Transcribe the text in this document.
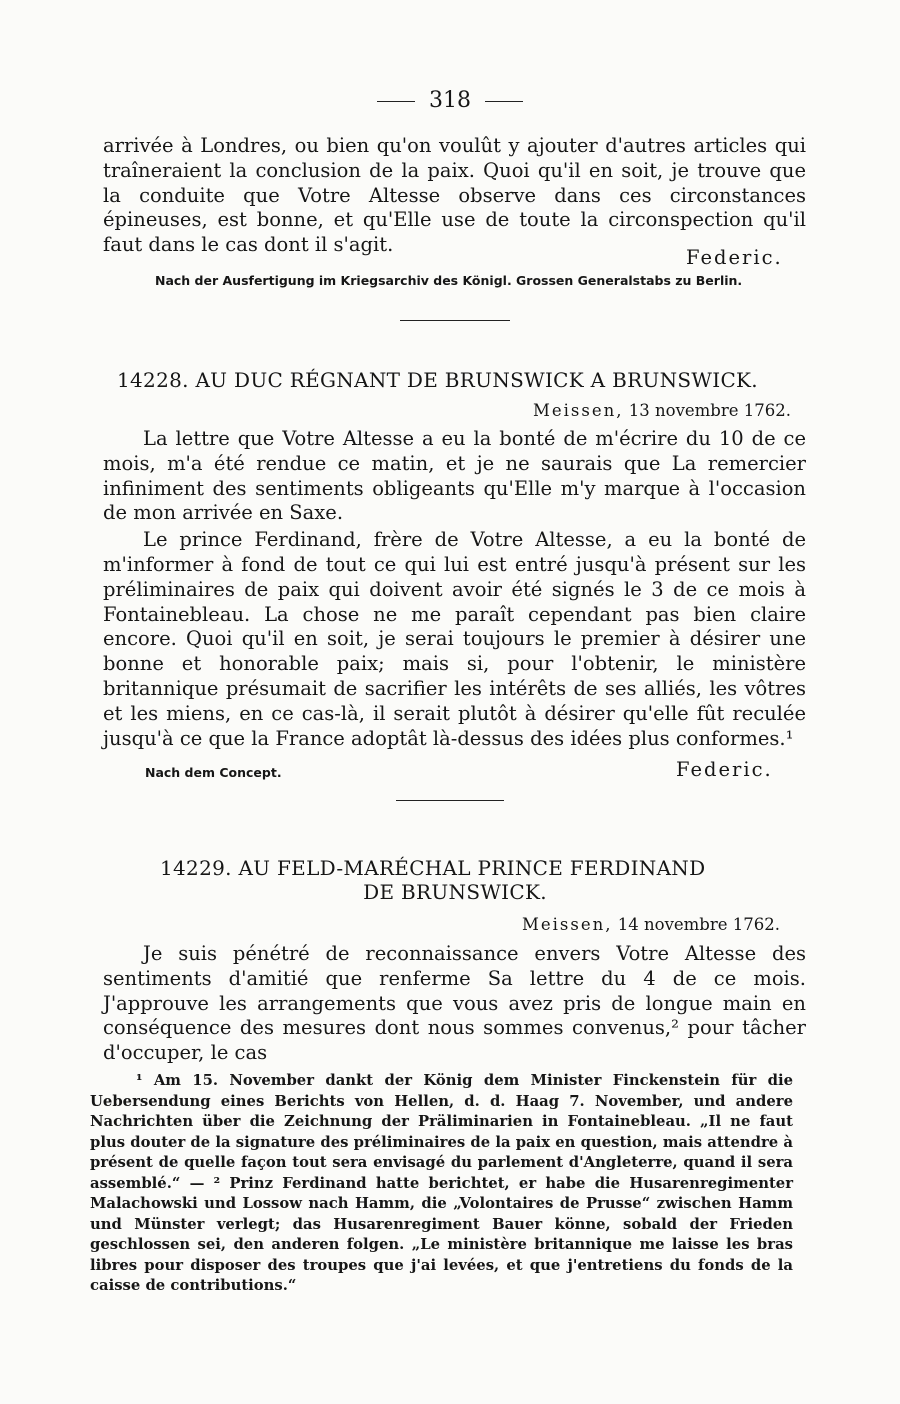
318

arrivée à Londres, ou bien qu'on voulût y ajouter d'autres articles qui traîneraient la conclusion de la paix. Quoi qu'il en soit, je trouve que la conduite que Votre Altesse observe dans ces circonstances épineuses, est bonne, et qu'Elle use de toute la circonspection qu'il faut dans le cas dont il s'agit.

Federic.
Nach der Ausfertigung im Kriegsarchiv des Königl. Grossen Generalstabs zu Berlin.
14228. AU DUC RÉGNANT DE BRUNSWICK A BRUNSWICK.
Meissen, 13 novembre 1762.

La lettre que Votre Altesse a eu la bonté de m'écrire du 10 de ce mois, m'a été rendue ce matin, et je ne saurais que La remercier infiniment des sentiments obligeants qu'Elle m'y marque à l'occasion de mon arrivée en Saxe.

Le prince Ferdinand, frère de Votre Altesse, a eu la bonté de m'informer à fond de tout ce qui lui est entré jusqu'à présent sur les préliminaires de paix qui doivent avoir été signés le 3 de ce mois à Fontainebleau. La chose ne me paraît cependant pas bien claire encore. Quoi qu'il en soit, je serai toujours le premier à désirer une bonne et honorable paix; mais si, pour l'obtenir, le ministère britannique présumait de sacrifier les intérêts de ses alliés, les vôtres et les miens, en ce cas-là, il serait plutôt à désirer qu'elle fût reculée jusqu'à ce que la France adoptât là-dessus des idées plus conformes.¹

Nach dem Concept.	Federic.
14229. AU FELD-MARÉCHAL PRINCE FERDINAND
DE BRUNSWICK.
Meissen, 14 novembre 1762.

Je suis pénétré de reconnaissance envers Votre Altesse des sentiments d'amitié que renferme Sa lettre du 4 de ce mois. J'approuve les arrangements que vous avez pris de longue main en conséquence des mesures dont nous sommes convenus,² pour tâcher d'occuper, le cas

¹ Am 15. November dankt der König dem Minister Finckenstein für die Uebersendung eines Berichts von Hellen, d. d. Haag 7. November, und andere Nachrichten über die Zeichnung der Präliminarien in Fontainebleau. „Il ne faut plus douter de la signature des préliminaires de la paix en question, mais attendre à présent de quelle façon tout sera envisagé du parlement d'Angleterre, quand il sera assemblé.“ — ² Prinz Ferdinand hatte berichtet, er habe die Husarenregimenter Malachowski und Lossow nach Hamm, die „Volontaires de Prusse“ zwischen Hamm und Münster verlegt; das Husarenregiment Bauer könne, sobald der Frieden geschlossen sei, den anderen folgen. „Le ministère britannique me laisse les bras libres pour disposer des troupes que j'ai levées, et que j'entretiens du fonds de la caisse de contributions.“
